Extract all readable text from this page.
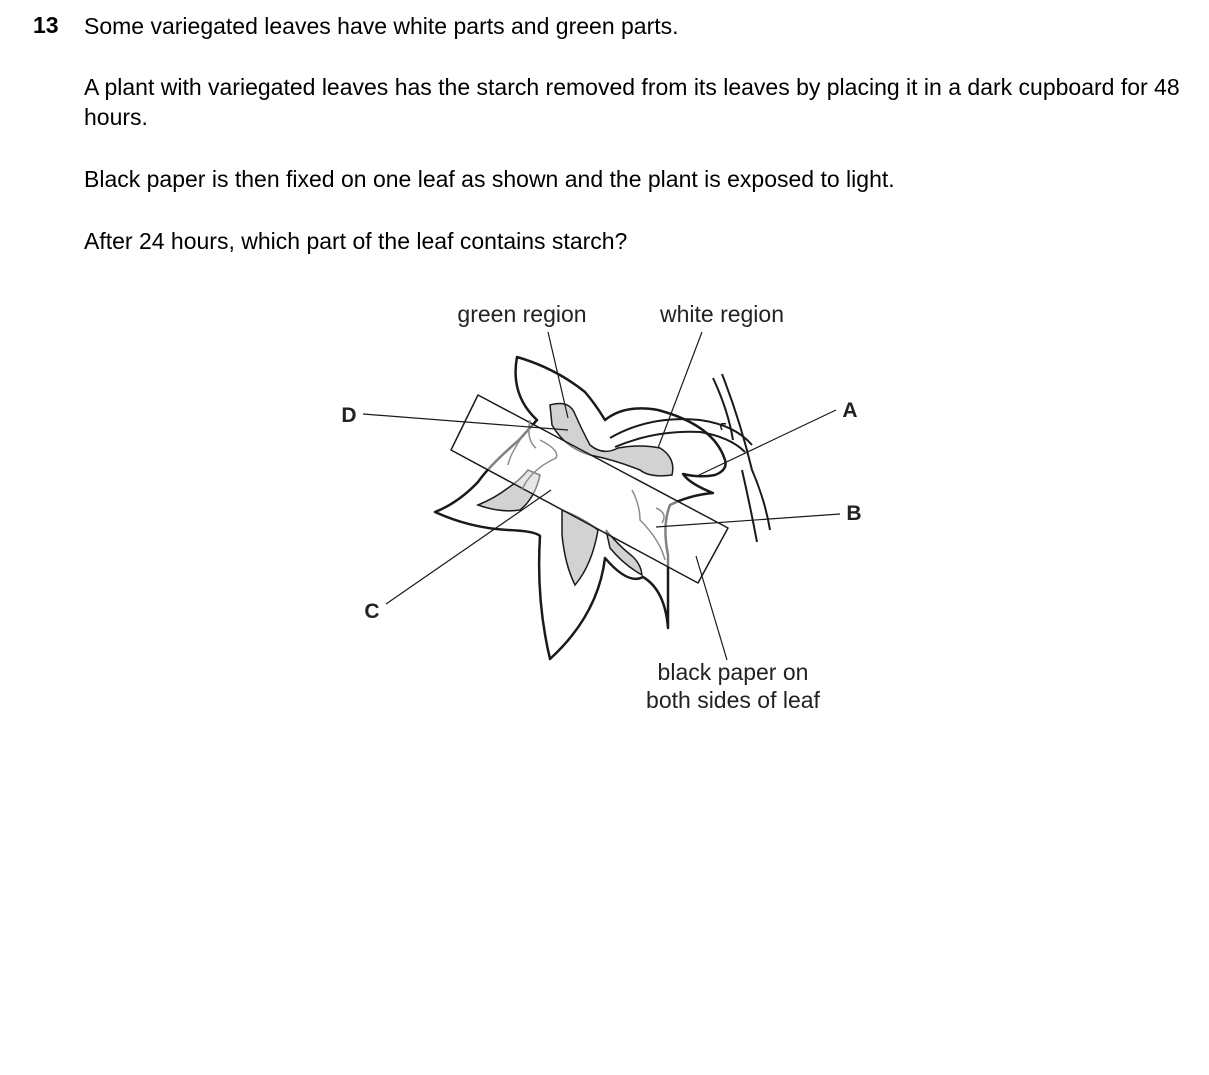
13 Some variegated leaves have white parts and green parts.

A plant with variegated leaves has the starch removed from its leaves by placing it in a dark cupboard for 48 hours.

Black paper is then fixed on one leaf as shown and the plant is exposed to light.

After 24 hours, which part of the leaf contains starch?

green region	white region
black paper on
both sides of leaf
A
B
C
D
